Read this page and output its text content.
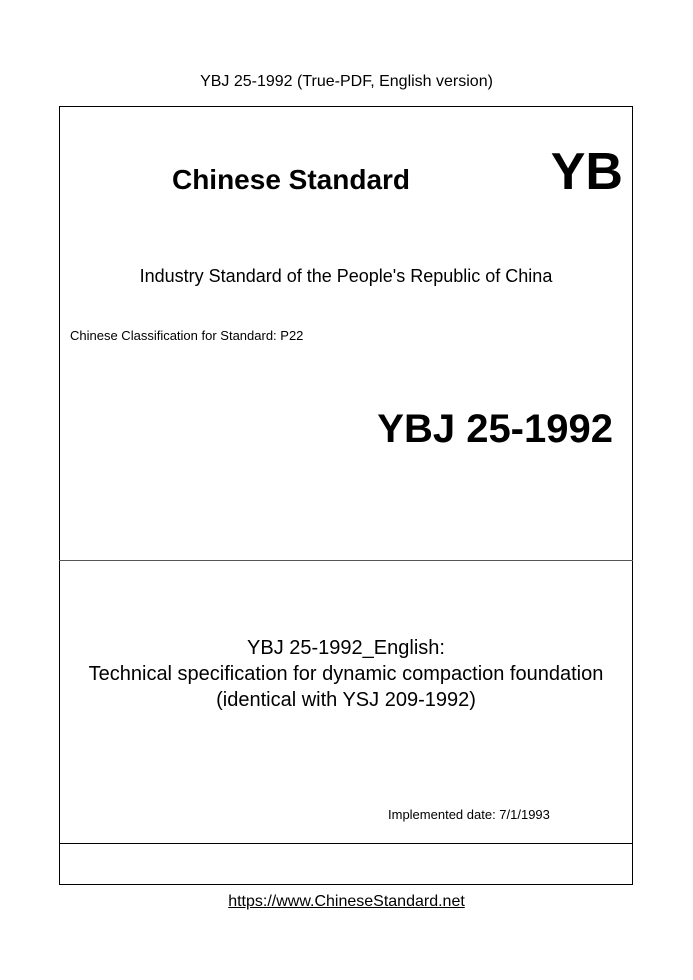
YBJ 25-1992 (True-PDF, English version)
Chinese Standard	YB
Industry Standard of the People's Republic of China
Chinese Classification for Standard: P22
YBJ 25-1992
YBJ 25-1992_English:
Technical specification for dynamic compaction foundation
(identical with YSJ 209-1992)
Implemented date: 7/1/1993
https://www.ChineseStandard.net
